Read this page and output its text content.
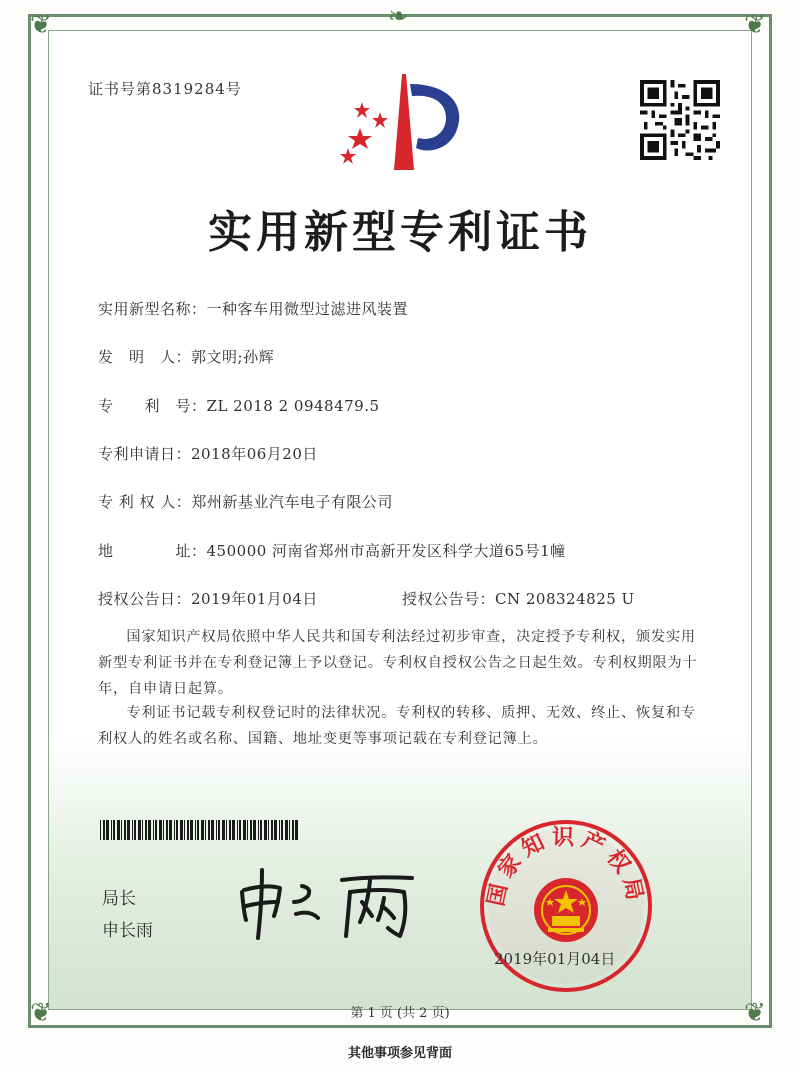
❦	❦
❦	❦
❧
证书号第8319284号
实用新型专利证书
实用新型名称：一种客车用微型过滤进风装置
发　明　人：郭文明;孙辉
专　　利　号：ZL 2018 2 0948479.5
专利申请日：2018年06月20日
专 利 权 人：郑州新基业汽车电子有限公司
地　　　　址：450000 河南省郑州市高新开发区科学大道65号1幢
授权公告日：2019年01月04日	授权公告号：CN 208324825 U

国家知识产权局依照中华人民共和国专利法经过初步审查，决定授予专利权，颁发实用新型专利证书并在专利登记簿上予以登记。专利权自授权公告之日起生效。专利权期限为十年，自申请日起算。

专利证书记载专利权登记时的法律状况。专利权的转移、质押、无效、终止、恢复和专利权人的姓名或名称、国籍、地址变更等事项记载在专利登记簿上。

局长
申长雨
国家知识产权局
2019年01月04日
第 1 页 (共 2 页)
其他事项参见背面
